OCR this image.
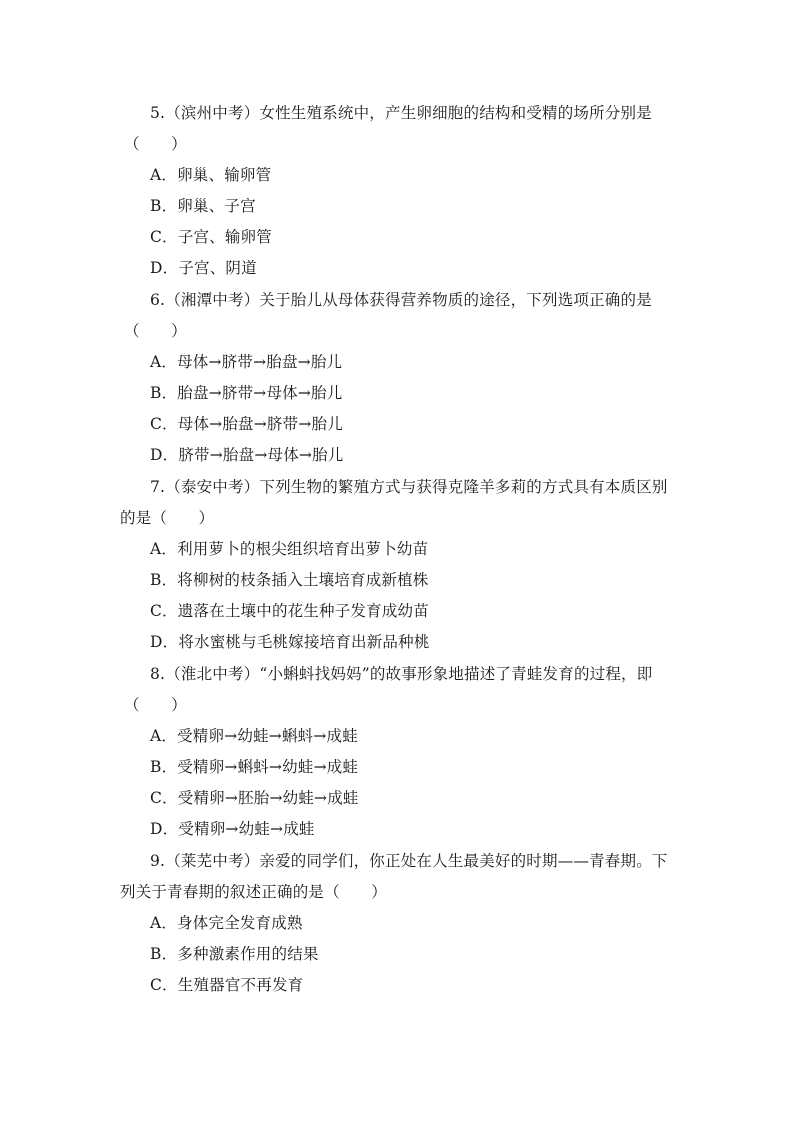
5.（滨州中考）女性生殖系统中，产生卵细胞的结构和受精的场所分别是
（　　）
A．卵巢、输卵管
B．卵巢、子宫
C．子宫、输卵管
D．子宫、阴道
6.（湘潭中考）关于胎儿从母体获得营养物质的途径，下列选项正确的是
（　　）
A．母体→脐带→胎盘→胎儿
B．胎盘→脐带→母体→胎儿
C．母体→胎盘→脐带→胎儿
D．脐带→胎盘→母体→胎儿
7.（泰安中考）下列生物的繁殖方式与获得克隆羊多莉的方式具有本质区别
的是（　　）
A．利用萝卜的根尖组织培育出萝卜幼苗
B．将柳树的枝条插入土壤培育成新植株
C．遗落在土壤中的花生种子发育成幼苗
D．将水蜜桃与毛桃嫁接培育出新品种桃
8.（淮北中考）“小蝌蚪找妈妈”的故事形象地描述了青蛙发育的过程，即
（　　）
A．受精卵→幼蛙→蝌蚪→成蛙
B．受精卵→蝌蚪→幼蛙→成蛙
C．受精卵→胚胎→幼蛙→成蛙
D．受精卵→幼蛙→成蛙
9.（莱芜中考）亲爱的同学们，你正处在人生最美好的时期——青春期。下
列关于青春期的叙述正确的是（　　）
A．身体完全发育成熟
B．多种激素作用的结果
C．生殖器官不再发育
